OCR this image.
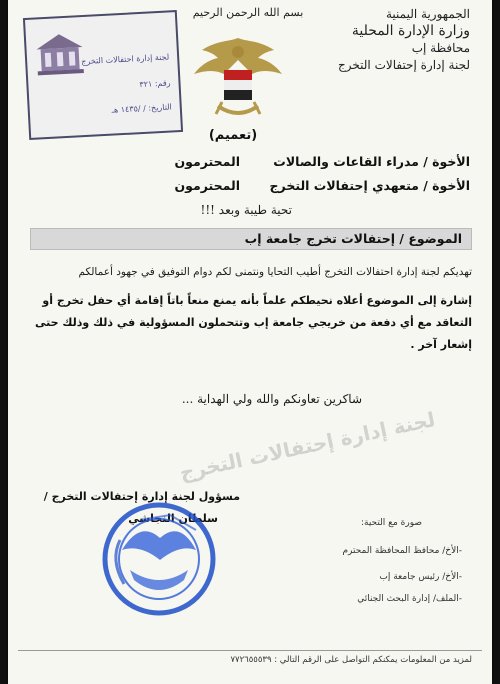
لجنة إدارة احتفالات التخرج
رقم: ٣٢١
التاريخ: / /١٤٣٥ هـ
بسم الله الرحمن الرحيم	الجمهورية اليمنية
وزارة الإدارة المحلية
محافظة إب
لجنة إدارة إحتفالات التخرج
(تعميم)
الأخوة / مدراء القاعات والصالات
المحترمون
الأخوة / متعهدي إحتفالات التخرج
المحترمون
تحية طيبة وبعد !!!
الموضوع / إحتفالات تخرج جامعة إب
تهديكم لجنة إدارة احتفالات التخرج أطيب التحايا ونتمنى لكم دوام التوفيق في جهود أعمالكم
إشارة إلى الموضوع أعلاه نحيطكم علماً بأنه يمنع منعاً باتاً إقامة أي حفل تخرج أو التعاقد مع أي دفعة من خريجي جامعة إب وتتحملون المسؤولية في ذلك وذلك حتى إشعار آخر .
شاكرين تعاونكم والله ولي الهداية ...
لجنة إدارة إحتفالات التخرج
مسؤول لجنة إدارة إحتفالات التخرج /
سلطان النجاشي	صورة مع التحية:
-الأخ/ محافظ المحافظة المحترم
-الأخ/ رئيس جامعة إب
-الملف/ إدارة البحث الجنائي
لمزيد من المعلومات يمكنكم التواصل على الرقم التالي : ٧٧٢٦٥٥٥٣٩
